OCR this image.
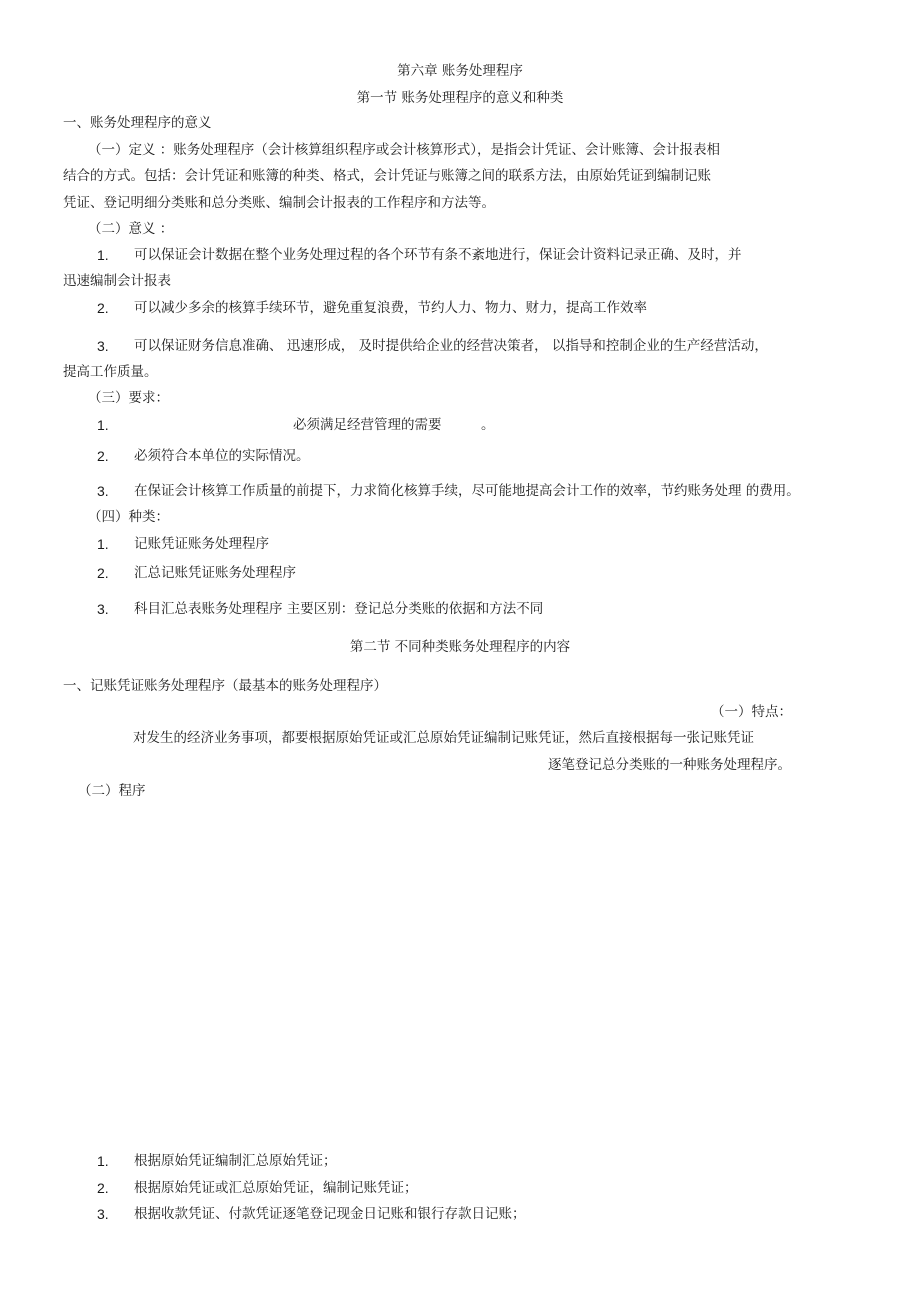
第六章 账务处理程序
第一节 账务处理程序的意义和种类
一、账务处理程序的意义
（一）定义 ：账务处理程序（会计核算组织程序或会计核算形式），是指会计凭证、会计账簿、会计报表相
结合的方式。包括：会计凭证和账簿的种类、格式，会计凭证与账簿之间的联系方法，由原始凭证到编制记账
凭证、登记明细分类账和总分类账、编制会计报表的工作程序和方法等。
（二）意义 ：
1. 可以保证会计数据在整个业务处理过程的各个环节有条不紊地进行，保证会计资料记录正确、及时，并
迅速编制会计报表
2. 可以减少多余的核算手续环节，避免重复浪费，节约人力、物力、财力，提高工作效率
3. 可以保证财务信息准确、 迅速形成， 及时提供给企业的经营决策者， 以指导和控制企业的生产经营活动，
提高工作质量。
（三）要求：
1.	必须满足经营管理的需要	。
2. 必须符合本单位的实际情况。
3. 在保证会计核算工作质量的前提下，力求简化核算手续，尽可能地提高会计工作的效率，节约账务处理 的费用。
（四）种类：
1. 记账凭证账务处理程序
2. 汇总记账凭证账务处理程序
3. 科目汇总表账务处理程序 主要区别：登记总分类账的依据和方法不同
第二节 不同种类账务处理程序的内容
一、记账凭证账务处理程序（最基本的账务处理程序）
（一）特点：
对发生的经济业务事项，都要根据原始凭证或汇总原始凭证编制记账凭证，然后直接根据每一张记账凭证
逐笔登记总分类账的一种账务处理程序。
（二）程序
1. 根据原始凭证编制汇总原始凭证；
2. 根据原始凭证或汇总原始凭证，编制记账凭证；
3. 根据收款凭证、付款凭证逐笔登记现金日记账和银行存款日记账；
